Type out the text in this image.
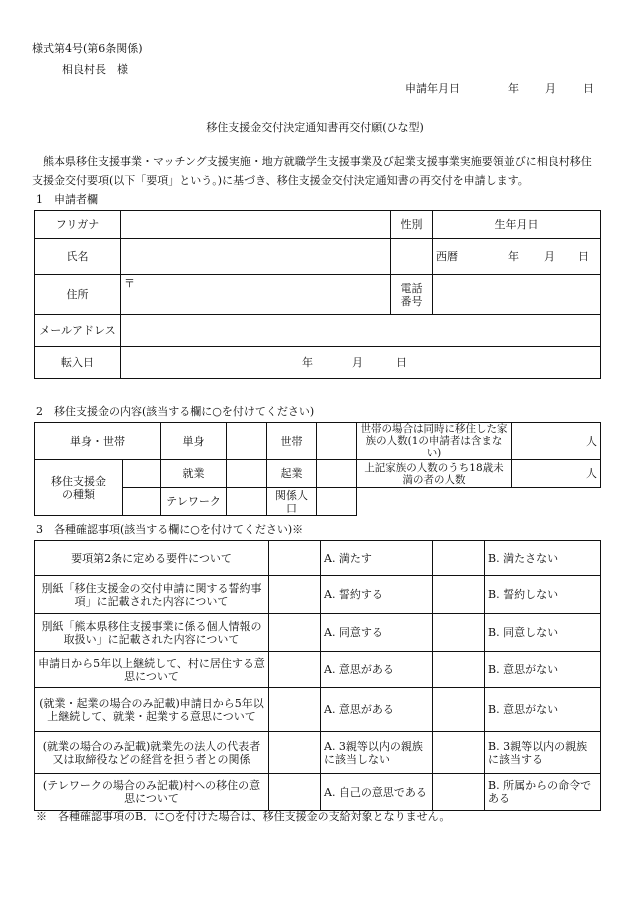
様式第4号(第6条関係)
相良村長　様
申請年月日	年 月 日
移住支援金交付決定通知書再交付願(ひな型)
熊本県移住支援事業・マッチング支援実施・地方就職学生支援事業及び起業支援事業実施要領並びに相良村移住支援金交付要項(以下「要項」という。)に基づき、移住支援金交付決定通知書の再交付を申請します。
1　申請者欄
フリガナ		性別	生年月日
氏名			西暦 年 月 日

住所	〒	電話
番号	
メールアドレス			
転入日	年 月 日		
2　移住支援金の内容(該当する欄に○を付けてください)
単身・世帯		単身		世帯		世帯の場合は同時に移住した家族の人数(1の申請者は含まない)	人
移住支援金
の種類		就業		起業		上記家族の人数のうち18歳未満の者の人数	人
		テレワーク		関係人口			
3　各種確認事項(該当する欄に○を付けてください)※
要項第2条に定める要件について		A. 満たす		B. 満たさない
別紙「移住支援金の交付申請に関する誓約事項」に記載された内容について		A. 誓約する		B. 誓約しない
別紙「熊本県移住支援事業に係る個人情報の取扱い」に記載された内容について		A. 同意する		B. 同意しない
申請日から5年以上継続して、村に居住する意思について		A. 意思がある		B. 意思がない
(就業・起業の場合のみ記載)申請日から5年以上継続して、就業・起業する意思について		A. 意思がある		B. 意思がない
(就業の場合のみ記載)就業先の法人の代表者又は取締役などの経営を担う者との関係		A. 3親等以内の親族に該当しない		B. 3親等以内の親族に該当する
(テレワークの場合のみ記載)村への移住の意思について		A. 自己の意思である		B. 所属からの命令である
※　各種確認事項のB．に○を付けた場合は、移住支援金の支給対象となりません。
